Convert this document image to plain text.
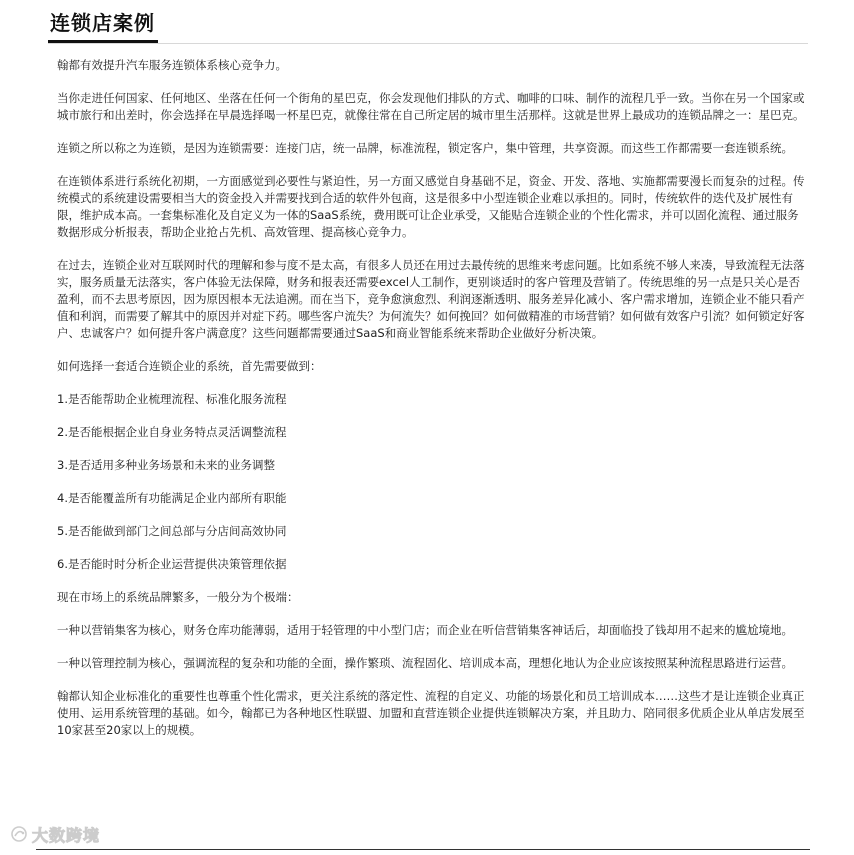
连锁店案例

翰都有效提升汽车服务连锁体系核心竞争力。

当你走进任何国家、任何地区、坐落在任何一个街角的星巴克，你会发现他们排队的方式、咖啡的口味、制作的流程几乎一致。当你在另一个国家或城市旅行和出差时，你会选择在早晨选择喝一杯星巴克，就像往常在自己所定居的城市里生活那样。这就是世界上最成功的连锁品牌之一：星巴克。

连锁之所以称之为连锁，是因为连锁需要：连接门店，统一品牌，标准流程，锁定客户，集中管理，共享资源。而这些工作都需要一套连锁系统。

在连锁体系进行系统化初期，一方面感觉到必要性与紧迫性，另一方面又感觉自身基础不足，资金、开发、落地、实施都需要漫长而复杂的过程。传统模式的系统建设需要相当大的资金投入并需要找到合适的软件外包商，这是很多中小型连锁企业难以承担的。同时，传统软件的迭代及扩展性有限，维护成本高。一套集标准化及自定义为一体的SaaS系统，费用既可让企业承受，又能贴合连锁企业的个性化需求，并可以固化流程、通过服务数据形成分析报表，帮助企业抢占先机、高效管理、提高核心竞争力。

在过去，连锁企业对互联网时代的理解和参与度不是太高，有很多人员还在用过去最传统的思维来考虑问题。比如系统不够人来凑，导致流程无法落实，服务质量无法落实，客户体验无法保障，财务和报表还需要excel人工制作，更别谈适时的客户管理及营销了。传统思维的另一点是只关心是否盈利，而不去思考原因，因为原因根本无法追溯。而在当下，竞争愈演愈烈、利润逐渐透明、服务差异化减小、客户需求增加，连锁企业不能只看产值和利润，而需要了解其中的原因并对症下药。哪些客户流失？为何流失？如何挽回？如何做精准的市场营销？如何做有效客户引流？如何锁定好客户、忠诚客户？如何提升客户满意度？这些问题都需要通过SaaS和商业智能系统来帮助企业做好分析决策。

如何选择一套适合连锁企业的系统，首先需要做到：

1.是否能帮助企业梳理流程、标准化服务流程

2.是否能根据企业自身业务特点灵活调整流程

3.是否适用多种业务场景和未来的业务调整

4.是否能覆盖所有功能满足企业内部所有职能

5.是否能做到部门之间总部与分店间高效协同

6.是否能时时分析企业运营提供决策管理依据

现在市场上的系统品牌繁多，一般分为个极端：

一种以营销集客为核心，财务仓库功能薄弱，适用于轻管理的中小型门店；而企业在听信营销集客神话后，却面临投了钱却用不起来的尴尬境地。

一种以管理控制为核心，强调流程的复杂和功能的全面，操作繁琐、流程固化、培训成本高，理想化地认为企业应该按照某种流程思路进行运营。

翰都认知企业标准化的重要性也尊重个性化需求，更关注系统的落定性、流程的自定义、功能的场景化和员工培训成本……这些才是让连锁企业真正使用、运用系统管理的基础。如今，翰都已为各种地区性联盟、加盟和直营连锁企业提供连锁解决方案，并且助力、陪同很多优质企业从单店发展至10家甚至20家以上的规模。

大数跨境
